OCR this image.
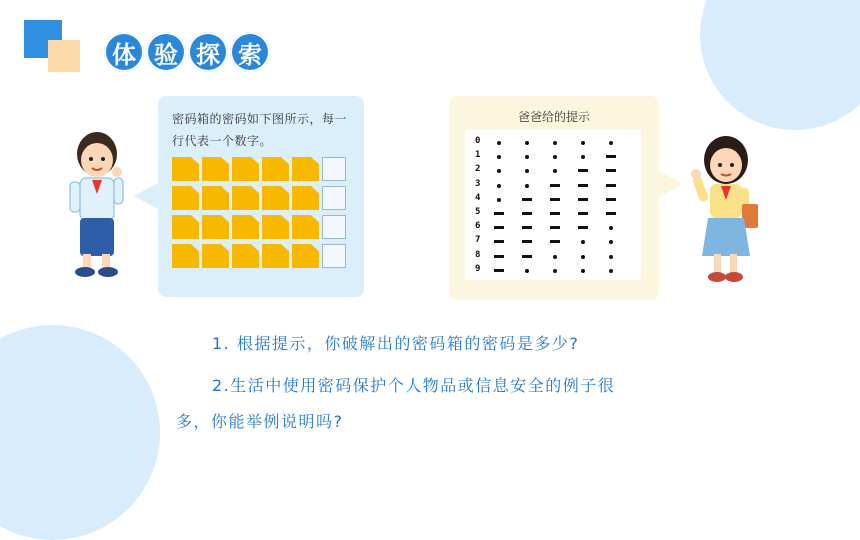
体 验 探 索
密码箱的密码如下图所示，每一行代表一个数字。
爸爸给的提示
0
1
2
3
4
5
6
7
8
9
1. 根据提示，你破解出的密码箱的密码是多少?
2.生活中使用密码保护个人物品或信息安全的例子很
多，你能举例说明吗?
